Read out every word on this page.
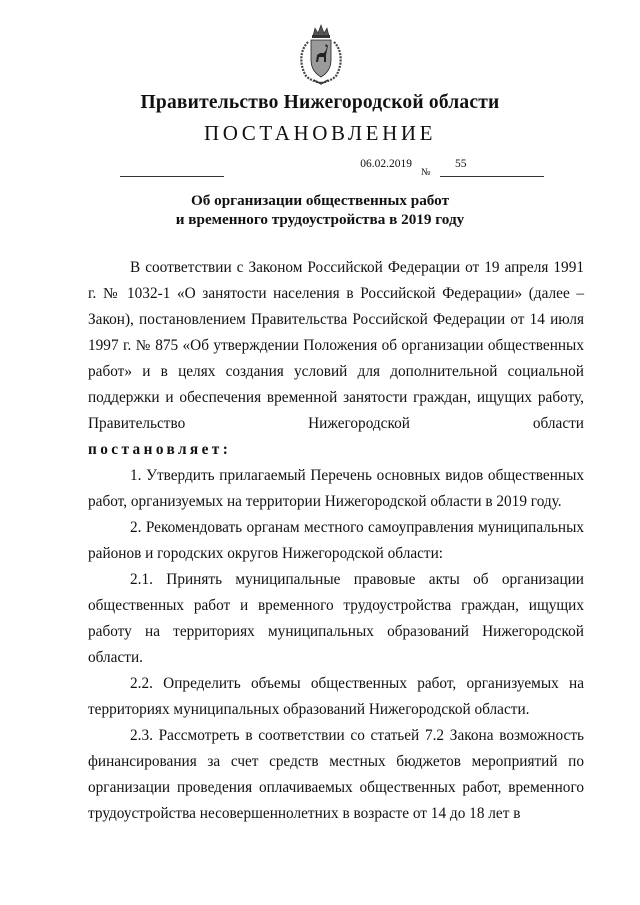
Правительство Нижегородской области
ПОСТАНОВЛЕНИЕ
06.02.2019
№
55
Об организации общественных работ
и временного трудоустройства в 2019 году

В соответствии с Законом Российской Федерации от 19 апреля 1991 г. № 1032-1 «О занятости населения в Российской Федерации» (далее – Закон), постановлением Правительства Российской Федерации от 14 июля 1997 г. № 875 «Об утверждении Положения об организации общественных работ» и в целях создания условий для дополнительной социальной поддержки и обеспечения временной занятости граждан, ищущих работу, Правительство Нижегородской области

постановляет:

1. Утвердить прилагаемый Перечень основных видов общественных работ, организуемых на территории Нижегородской области в 2019 году.

2. Рекомендовать органам местного самоуправления муниципальных районов и городских округов Нижегородской области:

2.1. Принять муниципальные правовые акты об организации общественных работ и временного трудоустройства граждан, ищущих работу на территориях муниципальных образований Нижегородской области.

2.2. Определить объемы общественных работ, организуемых на территориях муниципальных образований Нижегородской области.

2.3. Рассмотреть в соответствии со статьей 7.2 Закона возможность финансирования за счет средств местных бюджетов мероприятий по организации проведения оплачиваемых общественных работ, временного трудоустройства несовершеннолетних в возрасте от 14 до 18 лет в
